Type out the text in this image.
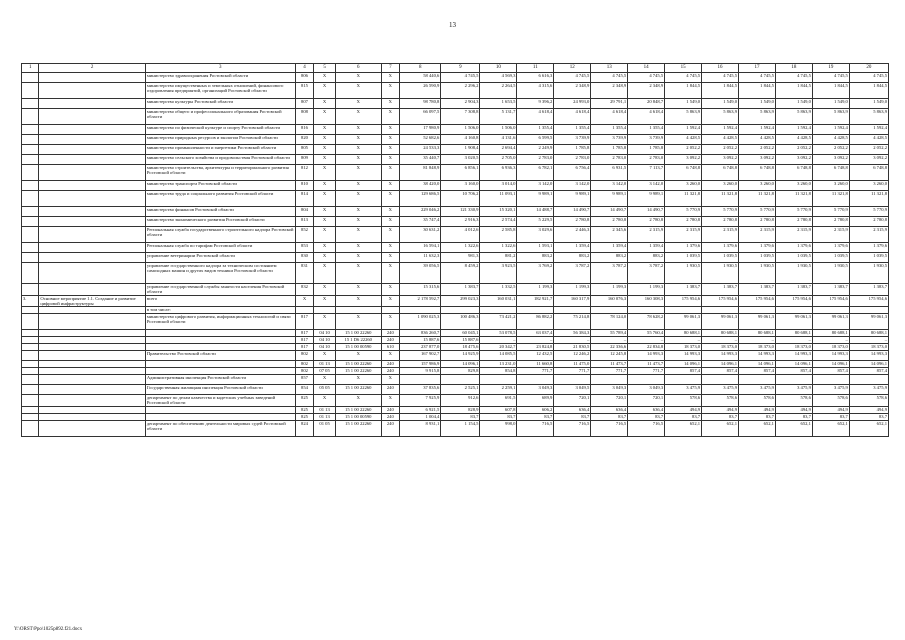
13
1	2	3	4	5	6	7	8	9	10	11	12	13	14	15	16	17	18	19	20
		министерство здравоохранения Ростовской области	806	X	X	X	58 440,6	4 745,5	4 569,3	6 616,3	4 745,5	4 745,5	4 745,5	4 745,5	4 745,5	4 745,5	4 745,5	4 745,5	4 745,5
		министерство имущественных и земельных отношений, финансового оздоровления предприятий, организаций Ростовской области	815	X	X	X	26 590,9	2 296,2	2 264,5	4 315,6	2 348,9	2 348,9	2 348,9	1 844,5	1 844,5	1 844,5	1 844,5	1 844,5	1 844,5
		министерство культуры Ростовской области	807	X	X	X	98 780,8	2 904,3	1 653,5	9 396,2	24 993,0	29 791,1	20 848,7	1 549,0	1 549,0	1 549,0	1 549,0	1 549,0	1 549,0
		министерство общего и профессионального образования Ростовской области	808	X	X	X	66 097,5	7 308,8	5 131,7	4 618,4	4 618,4	4 618,4	4 618,4	5 863,9	5 863,9	5 863,9	5 863,9	5 863,9	5 863,9
		министерство по физической культуре и спорту Ростовской области	816	X	X	X	17 980,9	1 506,0	1 506,0	1 355,4	1 355,4	1 355,4	1 355,4	1 592,4	1 592,4	1 592,4	1 592,4	1 592,4	1 592,4
		министерство природных ресурсов и экологии Ростовской области	820	X	X	X	52 682,6	4 160,8	4 131,6	6 599,5	3 739,9	3 739,9	3 739,9	4 428,5	4 428,5	4 428,5	4 428,5	4 428,5	4 428,5
		министерство промышленности и энергетики Ростовской области	805	X	X	X	24 533,3	1 908,4	2 694,4	2 249,9	1 785,8	1 785,8	1 785,8	2 052,2	2 052,2	2 052,2	2 052,2	2 052,2	2 052,2
		министерство сельского хозяйства и продовольствия Ростовской области	809	X	X	X	35 440,7	3 020,5	2 705,0	2 783,0	2 783,0	2 783,0	2 783,0	3 092,2	3 092,2	3 092,2	3 092,2	3 092,2	3 092,2
		министерство строительства, архитектуры и территориального развития Ростовской области	812	X	X	X	81 848,9	6 856,1	6 936,3	6 782,1	6 756,4	6 931,5	7 113,7	6 748,8	6 748,8	6 748,8	6 748,8	6 748,8	6 748,8
		министерство транспорта Ростовской области	810	X	X	X	38 420,0	3 160,0	3 014,0	3 142,0	3 142,0	3 142,0	3 142,0	3 260,0	3 260,0	3 260,0	3 260,0	3 260,0	3 260,0
		министерство труда и социального развития Ростовской области	814	X	X	X	129 686,5	10 706,2	11 093,1	9 989,1	9 989,1	9 989,1	9 989,1	11 321,8	11 321,8	11 321,8	11 321,8	11 321,8	11 321,8
		министерство финансов Ростовской области	804	X	X	X	229 046,2	121 330,9	15 320,1	14 488,7	14 490,7	14 490,7	14 490,7	5 770,9	5 770,9	5 770,9	5 770,9	5 770,9	5 770,9
		министерство экономического развития Ростовской области	813	X	X	X	35 747,4	2 916,3	2 574,4	5 229,5	2 780,8	2 780,8	2 780,8	2 780,8	2 780,8	2 780,8	2 780,8	2 780,8	2 780,8
		Региональная служба государственного строительного надзора Ростовской области	852	X	X	X	30 631,2	4 012,6	2 585,8	3 029,6	2 446,3	2 345,6	2 315,9	2 315,9	2 315,9	2 315,9	2 315,9	2 315,9	2 315,9
		Региональная служба по тарифам Ростовской области	853	X	X	X	16 594,1	1 322,6	1 322,6	1 593,1	1 359,4	1 359,4	1 359,4	1 379,6	1 379,6	1 379,6	1 379,6	1 379,6	1 379,6
		управление ветеринарии Ростовской области	830	X	X	X	11 632,3	981,3	881,2	883,2	883,2	883,2	883,2	1 039,5	1 039,5	1 039,5	1 039,5	1 039,5	1 039,5
		управление государственного надзора за техническим состоянием самоходных машин и других видов техники Ростовской области	831	X	X	X	39 056,5	8 459,2	3 923,5	3 769,2	3 787,2	3 787,2	3 787,2	1 930,5	1 930,5	1 930,5	1 930,5	1 930,5	1 930,5
		управление государственной службы занятости населения Ростовской области	832	X	X	X	15 315,6	1 383,7	1 332,5	1 199,3	1 199,3	1 199,3	1 199,3	1 383,7	1 383,7	1 383,7	1 383,7	1 383,7	1 383,7
3.	Основное мероприятие 1.1. Создание и развитие цифровой инфраструктуры	всего	X	X	X	X	2 178 592,7	299 023,3	160 031,1	182 921,7	160 317,9	160 076,3	160 308,3	175 954,6	175 954,6	175 954,6	175 954,6	175 954,6	175 954,6
		в том числе:																	
		министерство цифрового развития, информационных технологий и связи Ростовской области	817	X	X	X	1 090 025,3	100 486,3	73 421,2	86 882,2	75 214,8	78 124,0	78 628,2	99 061,3	99 061,3	99 061,3	99 061,3	99 061,3	99 061,3
			817	04 10	15 1 00 22260	240	836 260,7	60 045,1	53 078,5	63 037,4	56 384,3	55 789,4	55 760,4	80 688,1	80 688,1	80 688,1	80 688,1	80 688,1	80 688,1
			817	04 10	15 1 D6 22260	240	15 887,6	15 887,6	–	–	–	–	–	–	–	–	–	–	–
			817	04 10	15 1 00 00590	610	237 877,0	18 475,6	20 342,7	23 824,8	21 830,5	22 336,6	22 834,8	18 373,0	18 373,0	18 373,0	18 373,0	18 373,0	18 373,0
		Правительство Ростовской области	802	X	X	X	167 902,7	14 925,9	14 085,5	12 432,5	12 246,2	12 245,8	14 993,3	14 993,3	14 993,3	14 993,3	14 993,3	14 993,3	14 993,3
			802	01 13	15 1 00 22260	240	157 986,9	14 096,1	13 231,0	11 660,8	11 475,0	11 473,7	11 473,7	14 096,1	14 096,1	14 096,1	14 096,1	14 096,1	14 096,1
			802	07 05	15 1 00 22260	240	9 915,8	829,8	854,8	771,7	771,7	771,7	771,7	857,4	857,4	857,4	857,4	857,4	857,4
		Административная инспекция Ростовской области	857	X	X	X													
		Государственная жилищная инспекция Ростовской области	854	05 05	15 1 00 22260	240	37 835,6	2 525,1	2 259,1	3 049,3	3 049,5	3 049,3	3 049,3	3 475,9	3 475,9	3 475,9	3 475,9	3 475,9	3 475,9
		департамент по делам казачества и кадетских учебных заведений Ростовской области	825	X	X	X	7 925,9	912,6	691,5	689,9	720,1	720,1	720,1	578,6	578,6	578,6	578,6	578,6	578,6
			825	01 13	15 1 00 22260	240	6 921,5	828,9	607,8	606,2	636,4	636,4	636,4	494,9	494,9	494,9	494,9	494,9	494,9
			825	01 13	15 1 00 00590	240	1 004,4	83,7	83,7	83,7	83,7	83,7	83,7	83,7	83,7	83,7	83,7	83,7	83,7
		департамент по обеспечению деятельности мировых судей Ростовской области	824	01 05	15 1 00 22260	240	8 931,1	1 154,5	998,0	716,5	716,5	716,5	716,5	652,1	652,1	652,1	652,1	652,1	652,1
Y:\ORST\Ppo\1025p892.f21.docx
